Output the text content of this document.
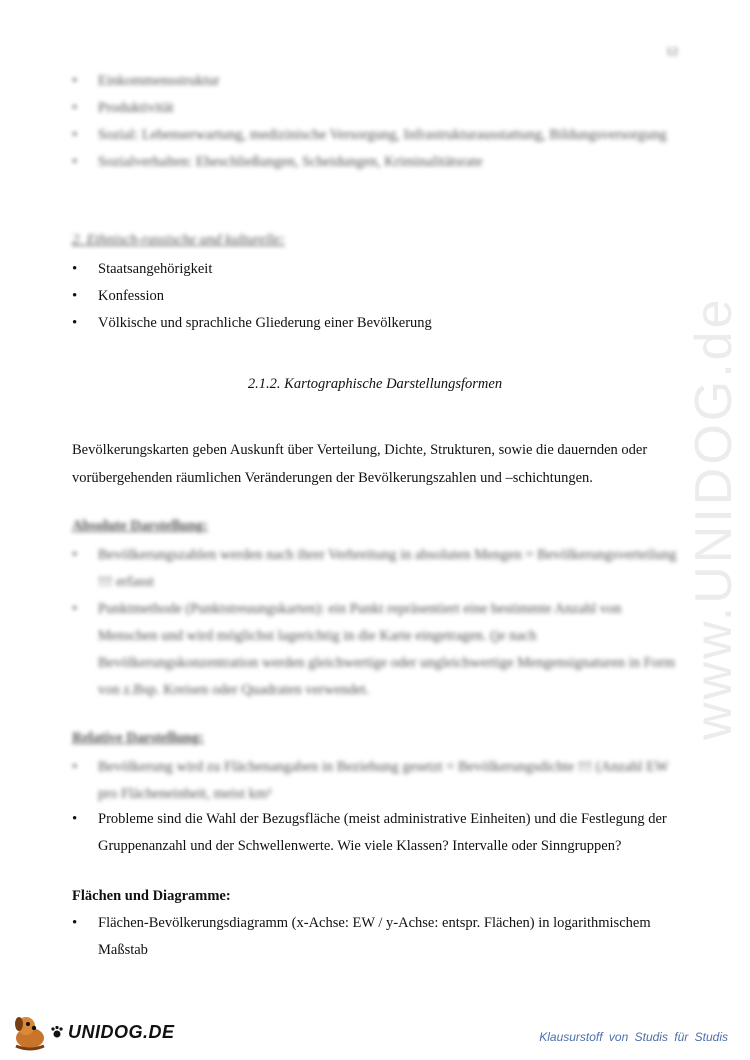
12
www.UNIDOG.de
• Einkommensstruktur
• Produktivität
• Sozial: Lebenserwartung, medizinische Versorgung, Infrastrukturausstattung, Bildungsversorgung
• Sozialverhalten: Eheschließungen, Scheidungen, Kriminalitätsrate
2. Ethnisch-rassische und kulturelle:
• Staatsangehörigkeit
• Konfession
• Völkische und sprachliche Gliederung einer Bevölkerung
2.1.2. Kartographische Darstellungsformen
Bevölkerungskarten geben Auskunft über Verteilung, Dichte, Strukturen, sowie die dauernden oder vorübergehenden räumlichen Veränderungen der Bevölkerungszahlen und –schichtungen.
Absolute Darstellung:
• Bevölkerungszahlen werden nach ihrer Verbreitung in absoluten Mengen = Bevölkerungsverteilung !!! erfasst
• Punktmethode (Punktstreuungskarten): ein Punkt repräsentiert eine bestimmte Anzahl von Menschen und wird möglichst lagerichtig in die Karte eingetragen. (je nach Bevölkerungskonzentration werden gleichwertige oder ungleichwertige Mengensignaturen in Form von z.Bsp. Kreisen oder Quadraten verwendet.
Relative Darstellung:
• Bevölkerung wird zu Flächenangaben in Beziehung gesetzt = Bevölkerungsdichte !!! (Anzahl EW pro Flächeneinheit, meist km²
• Probleme sind die Wahl der Bezugsfläche (meist administrative Einheiten) und die Festlegung der Gruppenanzahl und der Schwellenwerte. Wie viele Klassen? Intervalle oder Sinngruppen?
Flächen und Diagramme:
• Flächen-Bevölkerungsdiagramm (x-Achse: EW / y-Achse: entspr. Flächen) in logarithmischem Maßstab
UNIDOG.DE	Klausurstoff von Studis für Studis
